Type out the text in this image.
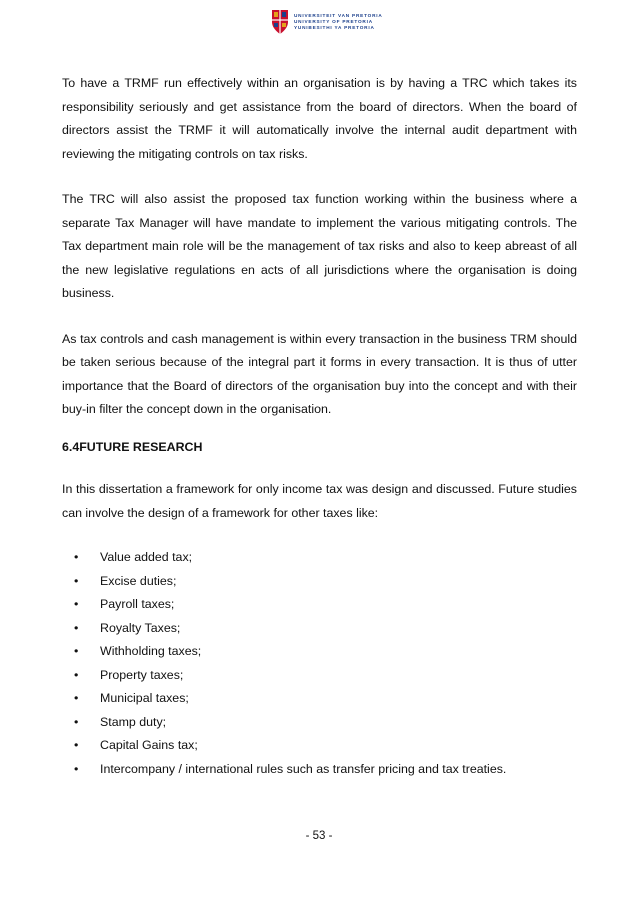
UNIVERSITEIT VAN PRETORIA
UNIVERSITY OF PRETORIA
YUNIBESITHI YA PRETORIA

To have a TRMF run effectively within an organisation is by having a TRC which takes its responsibility seriously and get assistance from the board of directors. When the board of directors assist the TRMF it will automatically involve the internal audit department with reviewing the mitigating controls on tax risks.

The TRC will also assist the proposed tax function working within the business where a separate Tax Manager will have mandate to implement the various mitigating controls. The Tax department main role will be the management of tax risks and also to keep abreast of all the new legislative regulations en acts of all jurisdictions where the organisation is doing business.

As tax controls and cash management is within every transaction in the business TRM should be taken serious because of the integral part it forms in every transaction. It is thus of utter importance that the Board of directors of the organisation buy into the concept and with their buy-in filter the concept down in the organisation.

6.4FUTURE RESEARCH

In this dissertation a framework for only income tax was design and discussed. Future studies can involve the design of a framework for other taxes like:

• Value added tax;
• Excise duties;
• Payroll taxes;
• Royalty Taxes;
• Withholding taxes;
• Property taxes;
• Municipal taxes;
• Stamp duty;
• Capital Gains tax;
• Intercompany / international rules such as transfer pricing and tax treaties.
- 53 -
